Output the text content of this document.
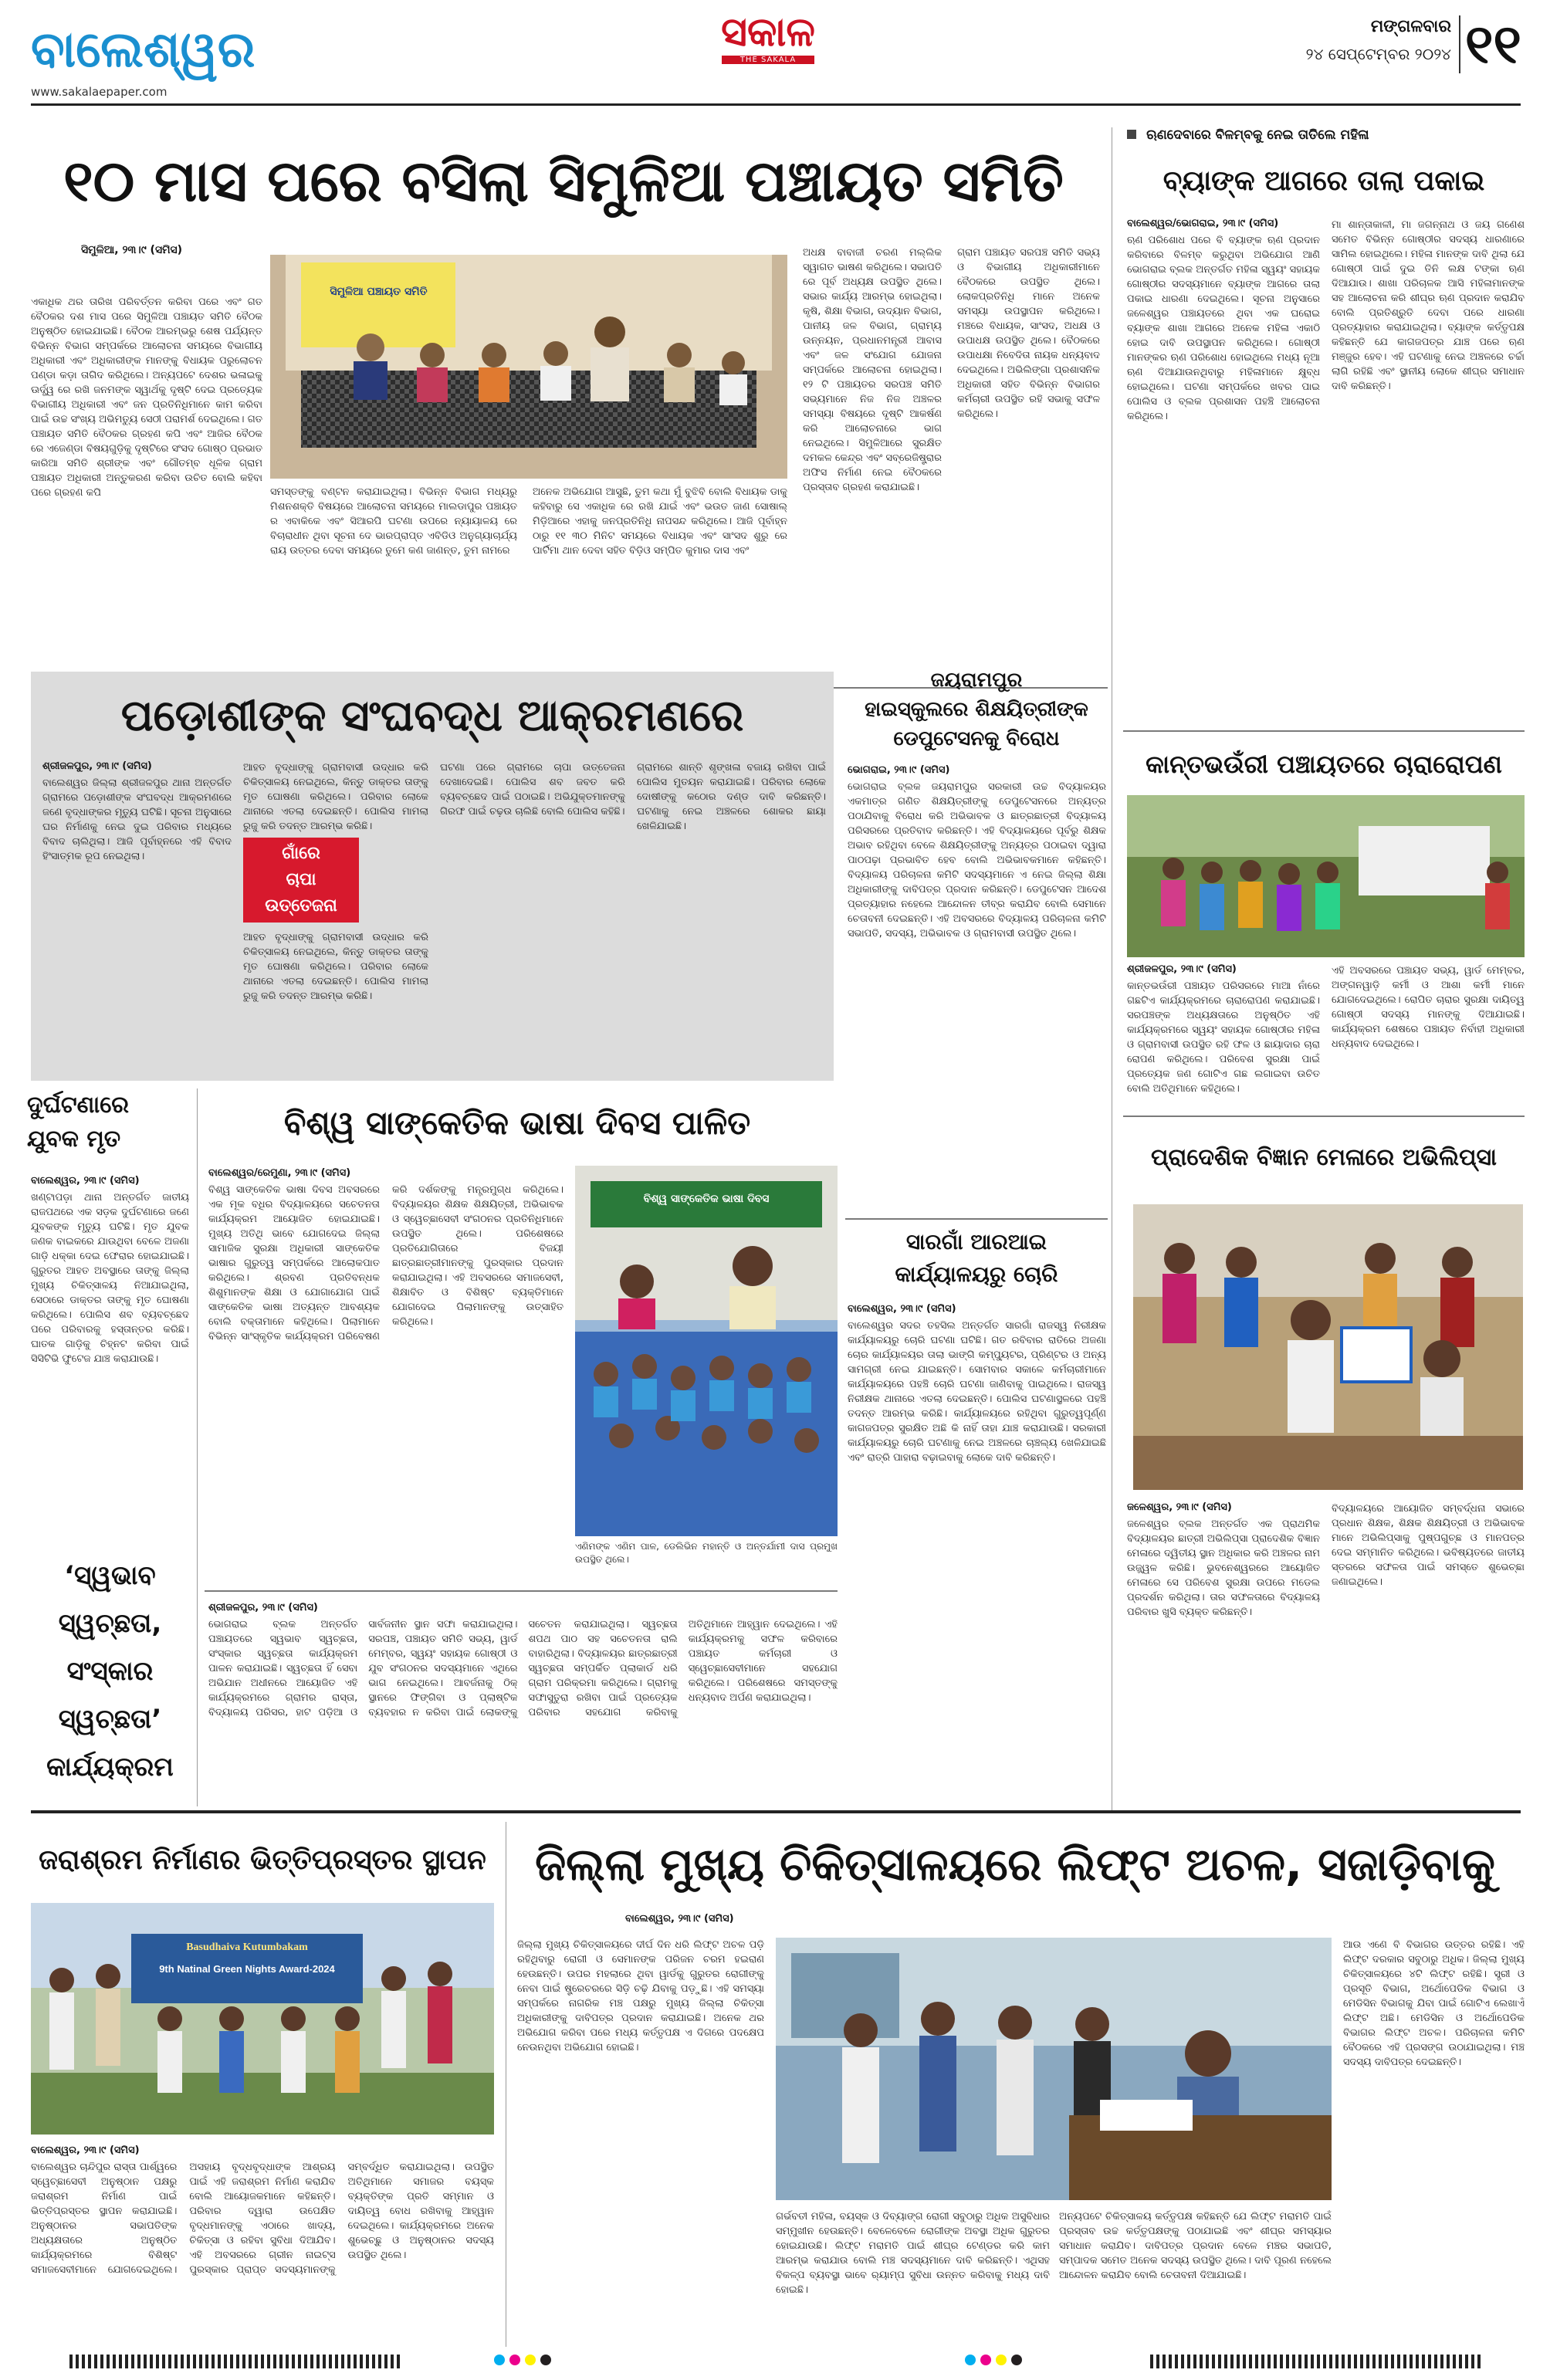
ବାଲେଶ୍ୱର
www.sakalaepaper.com
ସକାଳ
THE SAKALA
ମଙ୍ଗଳବାର
୨୪ ସେପ୍ଟେମ୍ବର ୨୦୨୪ ୧୧
୧୦ ମାସ ପରେ ବସିଲା ସିମୁଳିଆ ପଞ୍ଚାୟତ ସମିତି
ସିମୁଳିଆ, ୨୩।୯ (ସମିସ)
ଏକାଧିକ ଥର ତାରିଖ ପରିବର୍ତ୍ତନ କରିବା ପରେ ଏବଂ ଗତ ବୈଠକର ଦଶ ମାସ ପରେ ସିମୁଳିଆ ପଞ୍ଚାୟତ ସମିତି ବୈଠକ ଅନୁଷ୍ଠିତ ହୋଇଯାଇଛି। ବୈଠକ ଆରମ୍ଭରୁ ଶେଷ ପର୍ଯ୍ୟନ୍ତ ବିଭିନ୍ନ ବିଭାଗ ସମ୍ପର୍କରେ ଆଲୋଚନା ସମୟରେ ବିଭାଗୀୟ ଅଧିକାରୀ ଏବଂ ଅଧିକାରୀଙ୍କ ମାନଙ୍କୁ ବିଧାୟକ ପରୁଲୋଚନ ପଣ୍ଡା କଡ଼ା ତାଗିଦ କରିଥିଲେ। ଅନ୍ୟପଟେ ଦେଶର ଭଳାଇକୁ ଊର୍ଦ୍ଧ୍ୱ ରେ ରଖି ଜନମଙ୍କ ସ୍ୱାର୍ଥକୁ ଦୃଷ୍ଟି ଦେଇ ପ୍ରତ୍ୟେକ ବିଭାଗୀୟ ଅଧିକାରୀ ଏବଂ ଜନ ପ୍ରତିନିଧିମାନେ କାମ କରିବା ପାଇଁ ଉଚ୍ଚ ସଂଖ୍ୟ ଅଭିମତ୍ୟୁ ସେଠୀ ପରାମର୍ଶ ଦେଇଥିଲେ। ଗତ ପଞ୍ଚାୟତ ସମିତି ବୈଠକର ଗ୍ରହଣ କପି ଏବଂ ଆଜିର ବୈଠକ ରେ ଏଜେଣ୍ଡା ବିଷୟଗୁଡ଼ିକୁ ଦୃଷ୍ଟିରେ ସଂସଦ ଗୋଷ୍ଠ ପ୍ରଭାତ କାରିଆ ସମିତି ଶ୍ରୀଙ୍କ ଏବଂ ଗୌତମ୍ବ ଧୂଳିକ ଗ୍ରାମ ପଞ୍ଚାୟତ ଅଧିକାରୀ ଅନ୍ତୁକରଣ କରିବା ଉଚିତ ବୋଲି କହିବା ପରେ ଗ୍ରହଣ କପି
ସିମୁଳିଆ ପଞ୍ଚାୟତ ସମିତି
ସମସ୍ତଙ୍କୁ ବଣ୍ଟନ କରାଯାଇଥିଲା। ବିଭିନ୍ନ ବିଭାଗ ମଧ୍ୟରୁ ମିଶନଶକ୍ତି ବିଷୟରେ ଆଲୋଚନା ସମୟରେ ମାଲଡାପୁର ପଞ୍ଚାୟତ ର ଏବାକିକେ ଏବଂ ସିଆରପି ଘଟଣା ଉପରେ ନ୍ୟାୟାଳୟ ରେ ବିଚାରାଧୀନ ଥିବା ସୂଚନା ଦେ ଭାରପ୍ରାପ୍ତ ଏବିଡିଓ ଅନୁଗ୍ୟାଚାର୍ଯ୍ୟ ରାୟ ଉତ୍ତର ଦେବା ସମୟରେ ତୁମେ କଣ ଜାଣନ୍ତ, ତୁମ ନାମରେ
ଅନେକ ଅଭିଯୋଗ ଆସୁଛି, ତୁମ କଥା ମୁଁ ବୁଝିବି ବୋଲି ବିଧାୟକ ଡାକୁ କହିବାରୁ ସେ ଏକାଧିକ ରେ ରଖି ଯାଇଁ ଏବଂ ଭଉତ ଜାଣ ସୋଷାଲ୍‌ ମିଡ଼ିଆରେ ଏହାକୁ ଜନପ୍ରତିନିଧି ନାପସନ୍ଦ କରିଥିଲେ। ଆଜି ପୂର୍ବାହ୍ନ ଠାରୁ ୧୧ ୩୦ ମିନିଟ ସମୟରେ ବିଧାୟକ ଏବଂ ସାଂସଦ ଶୁରୁ ରେ ପାର୍ଟିମା ଥାନ ଦେବା ସହିତ ବିଡ଼ିଓ ସମ୍ପିତ କୁମାର ଦାସ ଏବଂ
ଅଧକ୍ଷ ବାବାଜୀ ଚରଣ ମଲ୍ଲିକ ସ୍ୱାଗତ ଭାଷଣ କରିଥିଲେ। ସଭାପତି ରେ ପୂର୍ବ ଅଧ୍ୟକ୍ଷ ଉପସ୍ଥିତ ଥିଲେ। ସଭାର କାର୍ଯ୍ୟ ଆରମ୍ଭ ହୋଇଥିଲା। କୃଷି, ଶିକ୍ଷା ବିଭାଗ, ଉଦ୍ୟାନ ବିଭାଗ, ପାନୀୟ ଜଳ ବିଭାଗ, ଗ୍ରାମ୍ୟ ଉନ୍ନୟନ, ପ୍ରଧାନମନ୍ତ୍ରୀ ଆବାସ ଏବଂ ଜଳ ସଂଯୋଗ ଯୋଜନା ସମ୍ପର୍କରେ ଆଲୋଚନା ହୋଇଥିଲା। ୧୨ ଟି ପଞ୍ଚାୟତର ସରପଞ୍ଚ ସମିତି ସଭ୍ୟମାନେ ନିଜ ନିଜ ଅଞ୍ଚଳର ସମସ୍ୟା ବିଷୟରେ ଦୃଷ୍ଟି ଆକର୍ଷଣ କରି ଆଲୋଚନାରେ ଭାଗ ନେଇଥିଲେ। ସିମୁଳିଆରେ ସୁରକ୍ଷିତ ଦମକଳ କେନ୍ଦ୍ର ଏବଂ ସବ୍‌ରେଜିଷ୍ଟ୍ରାର ଅଫିସ ନିର୍ମାଣ ନେଇ ବୈଠକରେ ପ୍ରସ୍ତାବ ଗ୍ରହଣ କରାଯାଇଛି।
ଗ୍ରାମ ପଞ୍ଚାୟତ ସରପଞ୍ଚ ସମିତି ସଭ୍ୟ ଓ ବିଭାଗୀୟ ଅଧିକାରୀମାନେ ବୈଠକରେ ଉପସ୍ଥିତ ଥିଲେ। ଲୋକପ୍ରତିନିଧି ମାନେ ଅନେକ ସମସ୍ୟା ଉପସ୍ଥାପନ କରିଥିଲେ। ମଞ୍ଚରେ ବିଧାୟକ, ସାଂସଦ, ଅଧକ୍ଷ ଓ ଉପାଧକ୍ଷ ଉପସ୍ଥିତ ଥିଲେ। ବୈଠକରେ ଉପାଧକ୍ଷା ନିବେଦିତା ନାୟକ ଧନ୍ୟବାଦ ଦେଇଥିଲେ। ଅଭିଲିଙ୍ଗା ପ୍ରଶାସନିକ ଅଧିକାରୀ ସହିତ ବିଭିନ୍ନ ବିଭାଗର କର୍ମଚାରୀ ଉପସ୍ଥିତ ରହି ସଭାକୁ ସଫଳ କରିଥିଲେ।
ଋଣଦେବାରେ ବିଳମ୍ବକୁ ନେଇ ତାତିଲେ ମହିଳା
ବ୍ୟାଙ୍କ ଆଗରେ ତାଲା ପକାଇ
ବାଲେଶ୍ୱର/ଭୋଗରାଇ, ୨୩।୯ (ସମିସ)
ଋଣ ପରିଶୋଧ ପରେ ବି ବ୍ୟାଙ୍କ ଋଣ ପ୍ରଦାନ କରିବାରେ ବିଳମ୍ବ କରୁଥିବା ଅଭିଯୋଗ ଆଣି ଭୋଗରାଇ ବ୍ଲକ ଅନ୍ତର୍ଗତ ମହିଳା ସ୍ୱୟଂ ସହାୟକ ଗୋଷ୍ଠୀର ସଦସ୍ୟମାନେ ବ୍ୟାଙ୍କ ଆଗରେ ତାଲା ପକାଇ ଧାରଣା ଦେଇଥିଲେ। ସୂଚନା ଅନୁସାରେ ଜଳେଶ୍ୱର ପଞ୍ଚାୟତରେ ଥିବା ଏକ ଘରୋଇ ବ୍ୟାଙ୍କ ଶାଖା ଆଗରେ ଅନେକ ମହିଳା ଏକାଠି ହୋଇ ଦାବି ଉପସ୍ଥାପନ କରିଥିଲେ। ଗୋଷ୍ଠୀ ମାନଙ୍କର ଋଣ ପରିଶୋଧ ହୋଇଥିଲେ ମଧ୍ୟ ନୂଆ ଋଣ ଦିଆଯାଉନଥିବାରୁ ମହିଳାମାନେ କ୍ଷୁବ୍ଧ ହୋଇଥିଲେ। ଘଟଣା ସମ୍ପର୍କରେ ଖବର ପାଇ ପୋଲିସ ଓ ବ୍ଲକ ପ୍ରଶାସନ ପହଞ୍ଚି ଆଲୋଚନା କରିଥିଲେ।
ମା ଶାନ୍ତାକାଳୀ, ମା ଜଗନ୍ନାଥ ଓ ଜୟ ଗଣେଶ ସମେତ ବିଭିନ୍ନ ଗୋଷ୍ଠୀର ସଦସ୍ୟ ଧାରଣାରେ ସାମିଲ ହୋଇଥିଲେ। ମହିଳା ମାନଙ୍କ ଦାବି ଥିଲା ଯେ ଗୋଷ୍ଠୀ ପାଇଁ ଦୁଇ ତିନି ଲକ୍ଷ ଟଙ୍କା ଋଣ ଦିଆଯାଉ। ଶାଖା ପରିଚାଳକ ଆସି ମହିଳାମାନଙ୍କ ସହ ଆଲୋଚନା କରି ଶୀଘ୍ର ଋଣ ପ୍ରଦାନ କରାଯିବ ବୋଲି ପ୍ରତିଶ୍ରୁତି ଦେବା ପରେ ଧାରଣା ପ୍ରତ୍ୟାହାର କରାଯାଇଥିଲା। ବ୍ୟାଙ୍କ କର୍ତ୍ତୃପକ୍ଷ କହିଛନ୍ତି ଯେ କାଗଜପତ୍ର ଯାଞ୍ଚ ପରେ ଋଣ ମଞ୍ଜୁର ହେବ। ଏହି ଘଟଣାକୁ ନେଇ ଅଞ୍ଚଳରେ ଚର୍ଚ୍ଚା ଲାଗି ରହିଛି ଏବଂ ସ୍ଥାନୀୟ ଲୋକେ ଶୀଘ୍ର ସମାଧାନ ଦାବି କରିଛନ୍ତି।
ପଡ଼ୋଶୀଙ୍କ ସଂଘବଦ୍ଧ ଆକ୍ରମଣରେ
ଶ୍ରୀଜଳପୁର, ୨୩।୯ (ସମିସ)
ବାଲେଶ୍ୱର ଜିଲ୍ଲା ଶ୍ରୀଜଳପୁର ଥାନା ଅନ୍ତର୍ଗତ ଗ୍ରାମରେ ପଡ଼ୋଶୀଙ୍କ ସଂଘବଦ୍ଧ ଆକ୍ରମଣରେ ଜଣେ ବୃଦ୍ଧାଙ୍କର ମୃତ୍ୟୁ ଘଟିଛି। ସୂଚନା ଅନୁସାରେ ଘର ନିର୍ମାଣକୁ ନେଇ ଦୁଇ ପରିବାର ମଧ୍ୟରେ ବିବାଦ ଚାଲିଥିଲା। ଆଜି ପୂର୍ବାହ୍ନରେ ଏହି ବିବାଦ ହିଂସାତ୍ମକ ରୂପ ନେଇଥିଲା।	ଗାଁରେ
ଚାପା
ଉତ୍ତେଜନା
ଆହତ ବୃଦ୍ଧାଙ୍କୁ ଗ୍ରାମବାସୀ ଉଦ୍ଧାର କରି ଚିକିତ୍ସାଳୟ ନେଇଥିଲେ, କିନ୍ତୁ ଡାକ୍ତର ତାଙ୍କୁ ମୃତ ଘୋଷଣା କରିଥିଲେ। ପରିବାର ଲୋକେ ଥାନାରେ ଏତଲା ଦେଇଛନ୍ତି। ପୋଲିସ ମାମଲା ରୁଜୁ କରି ତଦନ୍ତ ଆରମ୍ଭ କରିଛି।
ଆହତ ବୃଦ୍ଧାଙ୍କୁ ଗ୍ରାମବାସୀ ଉଦ୍ଧାର କରି ଚିକିତ୍ସାଳୟ ନେଇଥିଲେ, କିନ୍ତୁ ଡାକ୍ତର ତାଙ୍କୁ ମୃତ ଘୋଷଣା କରିଥିଲେ। ପରିବାର ଲୋକେ ଥାନାରେ ଏତଲା ଦେଇଛନ୍ତି। ପୋଲିସ ମାମଲା ରୁଜୁ କରି ତଦନ୍ତ ଆରମ୍ଭ କରିଛି।
ଘଟଣା ପରେ ଗ୍ରାମରେ ଚାପା ଉତ୍ତେଜନା ଦେଖାଦେଇଛି। ପୋଲିସ ଶବ ଜବତ କରି ବ୍ୟବଚ୍ଛେଦ ପାଇଁ ପଠାଇଛି। ଅଭିଯୁକ୍ତମାନଙ୍କୁ ଗିରଫ ପାଇଁ ଚଢ଼ଉ ଚାଲିଛି ବୋଲି ପୋଲିସ କହିଛି।
ଗ୍ରାମରେ ଶାନ୍ତି ଶୃଙ୍ଖଳା ବଜାୟ ରଖିବା ପାଇଁ ପୋଲିସ ମୁତୟନ କରାଯାଇଛି। ପରିବାର ଲୋକେ ଦୋଷୀଙ୍କୁ କଠୋର ଦଣ୍ଡ ଦାବି କରିଛନ୍ତି। ଘଟଣାକୁ ନେଇ ଅଞ୍ଚଳରେ ଶୋକର ଛାୟା ଖେଳିଯାଇଛି।
ଜୟରାମପୁର
ହାଇସ୍କୁଲରେ ଶିକ୍ଷୟିତ୍ରୀଙ୍କ
ଡେପୁଟେସନକୁ ବିରୋଧ
ଭୋଗରାଇ, ୨୩।୯ (ସମିସ)
ଭୋଗରାଇ ବ୍ଲକ ଜୟରାମପୁର ସରକାରୀ ଉଚ୍ଚ ବିଦ୍ୟାଳୟର ଏକମାତ୍ର ଗଣିତ ଶିକ୍ଷୟିତ୍ରୀଙ୍କୁ ଡେପୁଟେସନରେ ଅନ୍ୟତ୍ର ପଠାଯିବାକୁ ବିରୋଧ କରି ଅଭିଭାବକ ଓ ଛାତ୍ରଛାତ୍ରୀ ବିଦ୍ୟାଳୟ ପରିସରରେ ପ୍ରତିବାଦ କରିଛନ୍ତି। ଏହି ବିଦ୍ୟାଳୟରେ ପୂର୍ବରୁ ଶିକ୍ଷକ ଅଭାବ ରହିଥିବା ବେଳେ ଶିକ୍ଷୟିତ୍ରୀଙ୍କୁ ଅନ୍ୟତ୍ର ପଠାଇବା ଦ୍ୱାରା ପାଠପଢ଼ା ପ୍ରଭାବିତ ହେବ ବୋଲି ଅଭିଭାବକମାନେ କହିଛନ୍ତି। ବିଦ୍ୟାଳୟ ପରିଚାଳନା କମିଟି ସଦସ୍ୟମାନେ ଏ ନେଇ ଜିଲ୍ଲା ଶିକ୍ଷା ଅଧିକାରୀଙ୍କୁ ଦାବିପତ୍ର ପ୍ରଦାନ କରିଛନ୍ତି। ଡେପୁଟେସନ ଆଦେଶ ପ୍ରତ୍ୟାହାର ନହେଲେ ଆନ୍ଦୋଳନ ତୀବ୍ର କରାଯିବ ବୋଲି ସେମାନେ ଚେତାବନୀ ଦେଇଛନ୍ତି। ଏହି ଅବସରରେ ବିଦ୍ୟାଳୟ ପରିଚାଳନା କମିଟି ସଭାପତି, ସଦସ୍ୟ, ଅଭିଭାବକ ଓ ଗ୍ରାମବାସୀ ଉପସ୍ଥିତ ଥିଲେ।
କାନ୍ତଭଉଁରୀ ପଞ୍ଚାୟତରେ ଚାରାରୋପଣ
ଶ୍ରୀଜଳପୁର, ୨୩।୯ (ସମିସ)
କାନ୍ତଭଉଁରୀ ପଞ୍ଚାୟତ ପରିସରରେ ମାଆ ନାଁରେ ଗଛଟିଏ କାର୍ଯ୍ୟକ୍ରମରେ ଚାରାରୋପଣ କରାଯାଇଛି। ସରପଞ୍ଚଙ୍କ ଅଧ୍ୟକ୍ଷତାରେ ଅନୁଷ୍ଠିତ ଏହି କାର୍ଯ୍ୟକ୍ରମରେ ସ୍ୱୟଂ ସହାୟକ ଗୋଷ୍ଠୀର ମହିଳା ଓ ଗ୍ରାମବାସୀ ଉପସ୍ଥିତ ରହି ଫଳ ଓ ଛାୟାଦାର ଚାରା ରୋପଣ କରିଥିଲେ। ପରିବେଶ ସୁରକ୍ଷା ପାଇଁ ପ୍ରତ୍ୟେକ ଜଣ ଗୋଟିଏ ଗଛ ଲଗାଇବା ଉଚିତ ବୋଲି ଅତିଥିମାନେ କହିଥିଲେ।
ଏହି ଅବସରରେ ପଞ୍ଚାୟତ ସଭ୍ୟ, ୱାର୍ଡ ମେମ୍ବର, ଅଙ୍ଗନୱାଡ଼ି କର୍ମୀ ଓ ଆଶା କର୍ମୀ ମାନେ ଯୋଗଦେଇଥିଲେ। ରୋପିତ ଚାରାର ସୁରକ୍ଷା ଦାୟିତ୍ୱ ଗୋଷ୍ଠୀ ସଦସ୍ୟ ମାନଙ୍କୁ ଦିଆଯାଇଛି। କାର୍ଯ୍ୟକ୍ରମ ଶେଷରେ ପଞ୍ଚାୟତ ନିର୍ବାହୀ ଅଧିକାରୀ ଧନ୍ୟବାଦ ଦେଇଥିଲେ।
ପ୍ରାଦେଶିକ ବିଜ୍ଞାନ ମେଳାରେ ଅଭିଲିପ୍ସା
ଜଳେଶ୍ୱର, ୨୩।୯ (ସମିସ)
ଜଳେଶ୍ୱର ବ୍ଲକ ଅନ୍ତର୍ଗତ ଏକ ପ୍ରାଥମିକ ବିଦ୍ୟାଳୟର ଛାତ୍ରୀ ଅଭିଲିପ୍ସା ପ୍ରାଦେଶିକ ବିଜ୍ଞାନ ମେଳାରେ ଦ୍ୱିତୀୟ ସ୍ଥାନ ଅଧିକାର କରି ଅଞ୍ଚଳର ନାମ ଉଜ୍ଜ୍ୱଳ କରିଛି। ଭୁବନେଶ୍ୱରରେ ଆୟୋଜିତ ମେଳାରେ ସେ ପରିବେଶ ସୁରକ୍ଷା ଉପରେ ମଡେଲ ପ୍ରଦର୍ଶନ କରିଥିଲା। ତାର ସଫଳତାରେ ବିଦ୍ୟାଳୟ ପରିବାର ଖୁସି ବ୍ୟକ୍ତ କରିଛନ୍ତି।
ବିଦ୍ୟାଳୟରେ ଆୟୋଜିତ ସମ୍ବର୍ଦ୍ଧନା ସଭାରେ ପ୍ରଧାନ ଶିକ୍ଷକ, ଶିକ୍ଷକ ଶିକ୍ଷୟିତ୍ରୀ ଓ ଅଭିଭାବକ ମାନେ ଅଭିଲିପ୍ସାକୁ ପୁଷ୍ପଗୁଚ୍ଛ ଓ ମାନପତ୍ର ଦେଇ ସମ୍ମାନିତ କରିଥିଲେ। ଭବିଷ୍ୟତରେ ଜାତୀୟ ସ୍ତରରେ ସଫଳତା ପାଇଁ ସମସ୍ତେ ଶୁଭେଚ୍ଛା ଜଣାଇଥିଲେ।
ଦୁର୍ଘଟଣାରେ
ଯୁବକ ମୃତ
ବାଲେଶ୍ୱର, ୨୩।୯ (ସମିସ)
ଖଣ୍ଟାପଡ଼ା ଥାନା ଅନ୍ତର୍ଗତ ଜାତୀୟ ରାଜପଥରେ ଏକ ସଡ଼କ ଦୁର୍ଘଟଣାରେ ଜଣେ ଯୁବକଙ୍କ ମୃତ୍ୟୁ ଘଟିଛି। ମୃତ ଯୁବକ ଜଣକ ବାଇକରେ ଯାଉଥିବା ବେଳେ ଅଜଣା ଗାଡ଼ି ଧକ୍କା ଦେଇ ଫେରାର ହୋଇଯାଇଛି। ଗୁରୁତର ଆହତ ଅବସ୍ଥାରେ ତାଙ୍କୁ ଜିଲ୍ଲା ମୁଖ୍ୟ ଚିକିତ୍ସାଳୟ ନିଆଯାଇଥିଲା, ସେଠାରେ ଡାକ୍ତର ତାଙ୍କୁ ମୃତ ଘୋଷଣା କରିଥିଲେ। ପୋଲିସ ଶବ ବ୍ୟବଚ୍ଛେଦ ପରେ ପରିବାରକୁ ହସ୍ତାନ୍ତର କରିଛି। ଘାତକ ଗାଡ଼ିକୁ ଚିହ୍ନଟ କରିବା ପାଇଁ ସିସିଟିଭି ଫୁଟେଜ ଯାଞ୍ଚ କରାଯାଉଛି।
ବିଶ୍ୱ ସାଙ୍କେତିକ ଭାଷା ଦିବସ ପାଳିତ
ବାଲେଶ୍ୱର/ରେମୁଣା, ୨୩।୯ (ସମିସ)
ବିଶ୍ୱ ସାଙ୍କେତିକ ଭାଷା ଦିବସ ଅବସରରେ ଏକ ମୂକ ବଧିର ବିଦ୍ୟାଳୟରେ ସଚେତନତା କାର୍ଯ୍ୟକ୍ରମ ଆୟୋଜିତ ହୋଇଯାଇଛି। ମୁଖ୍ୟ ଅତିଥି ଭାବେ ଯୋଗଦେଇ ଜିଲ୍ଲା ସାମାଜିକ ସୁରକ୍ଷା ଅଧିକାରୀ ସାଙ୍କେତିକ ଭାଷାର ଗୁରୁତ୍ୱ ସମ୍ପର୍କରେ ଆଲୋକପାତ କରିଥିଲେ। ଶ୍ରବଣ ପ୍ରତିବନ୍ଧକ ଶିଶୁମାନଙ୍କ ଶିକ୍ଷା ଓ ଯୋଗାଯୋଗ ପାଇଁ ସାଙ୍କେତିକ ଭାଷା ଅତ୍ୟନ୍ତ ଆବଶ୍ୟକ ବୋଲି ବକ୍ତାମାନେ କହିଥିଲେ। ପିଲାମାନେ ବିଭିନ୍ନ ସାଂସ୍କୃତିକ କାର୍ଯ୍ୟକ୍ରମ ପରିବେଷଣ କରି ଦର୍ଶକଙ୍କୁ ମନ୍ତ୍ରମୁଗ୍ଧ କରିଥିଲେ। ବିଦ୍ୟାଳୟର ଶିକ୍ଷକ ଶିକ୍ଷୟିତ୍ରୀ, ଅଭିଭାବକ ଓ ସ୍ୱେଚ୍ଛାସେବୀ ସଂଗଠନର ପ୍ରତିନିଧିମାନେ ଉପସ୍ଥିତ ଥିଲେ। ପରିଶେଷରେ ପ୍ରତିଯୋଗିତାରେ ବିଜୟୀ ଛାତ୍ରଛାତ୍ରୀମାନଙ୍କୁ ପୁରସ୍କାର ପ୍ରଦାନ କରାଯାଇଥିଲା। ଏହି ଅବସରରେ ସମାଜସେବୀ, ଶିକ୍ଷାବିତ ଓ ବିଶିଷ୍ଟ ବ୍ୟକ୍ତିମାନେ ଯୋଗଦେଇ ପିଲାମାନଙ୍କୁ ଉତ୍ସାହିତ କରିଥିଲେ।
ବିଶ୍ୱ ସାଙ୍କେତିକ ଭାଷା ଦିବସ
ଏଣିମଙ୍କ ଏଣିମ ପାଳ, ଡେଲିଭିନ ମହାନ୍ତି ଓ ଅନ୍ତର୍ଯାମୀ ଦାସ ପ୍ରମୁଖ ଉପସ୍ଥିତ ଥିଲେ।
‘ସ୍ୱଭାବ
ସ୍ୱଚ୍ଛତା,
ସଂସ୍କାର
ସ୍ୱଚ୍ଛତା’
କାର୍ଯ୍ୟକ୍ରମ
ଶ୍ରୀଜଳପୁର, ୨୩।୯ (ସମିସ)
ଭୋଗରାଇ ବ୍ଲକ ଅନ୍ତର୍ଗତ ପଞ୍ଚାୟତରେ ସ୍ୱଭାବ ସ୍ୱଚ୍ଛତା, ସଂସ୍କାର ସ୍ୱଚ୍ଛତା କାର୍ଯ୍ୟକ୍ରମ ପାଳନ କରାଯାଇଛି। ସ୍ୱଚ୍ଛତା ହିଁ ସେବା ଅଭିଯାନ ଅଧୀନରେ ଆୟୋଜିତ ଏହି କାର୍ଯ୍ୟକ୍ରମରେ ଗ୍ରାମର ରାସ୍ତା, ବିଦ୍ୟାଳୟ ପରିସର, ହାଟ ପଡ଼ିଆ ଓ ସାର୍ବଜନୀନ ସ୍ଥାନ ସଫା କରାଯାଇଥିଲା। ସରପଞ୍ଚ, ପଞ୍ଚାୟତ ସମିତି ସଭ୍ୟ, ୱାର୍ଡ ମେମ୍ବର, ସ୍ୱୟଂ ସହାୟକ ଗୋଷ୍ଠୀ ଓ ଯୁବ ସଂଗଠନର ସଦସ୍ୟମାନେ ଏଥିରେ ଭାଗ ନେଇଥିଲେ। ଆବର୍ଜନାକୁ ଠିକ୍ ସ୍ଥାନରେ ଫିଙ୍ଗିବା ଓ ପ୍ଲାଷ୍ଟିକ ବ୍ୟବହାର ନ କରିବା ପାଇଁ ଲୋକଙ୍କୁ ସଚେତନ କରାଯାଇଥିଲା। ସ୍ୱଚ୍ଛତା ଶପଥ ପାଠ ସହ ସଚେତନତା ରାଲି ବାହାରିଥିଲା। ବିଦ୍ୟାଳୟର ଛାତ୍ରଛାତ୍ରୀ ସ୍ୱଚ୍ଛତା ସମ୍ପର୍କିତ ପ୍ଲାକାର୍ଡ ଧରି ଗ୍ରାମ ପରିକ୍ରମା କରିଥିଲେ। ଗ୍ରାମକୁ ସଫାସୁତୁରା ରଖିବା ପାଇଁ ପ୍ରତ୍ୟେକ ପରିବାର ସହଯୋଗ କରିବାକୁ ଅତିଥିମାନେ ଆହ୍ୱାନ ଦେଇଥିଲେ। ଏହି କାର୍ଯ୍ୟକ୍ରମକୁ ସଫଳ କରିବାରେ ପଞ୍ଚାୟତ କର୍ମଚାରୀ ଓ ସ୍ୱେଚ୍ଛାସେବୀମାନେ ସହଯୋଗ କରିଥିଲେ। ପରିଶେଷରେ ସମସ୍ତଙ୍କୁ ଧନ୍ୟବାଦ ଅର୍ପଣ କରାଯାଇଥିଲା।
ସାରଗାଁ ଆରଆଇ
କାର୍ଯ୍ୟାଳୟରୁ ଚୋରି
ବାଲେଶ୍ୱର, ୨୩।୯ (ସମିସ)
ବାଲେଶ୍ୱର ସଦର ତହସିଲ ଅନ୍ତର୍ଗତ ସାରଗାଁ ରାଜସ୍ୱ ନିରୀକ୍ଷକ କାର୍ଯ୍ୟାଳୟରୁ ଚୋରି ଘଟଣା ଘଟିଛି। ଗତ ରବିବାର ରାତିରେ ଅଜଣା ଚୋର କାର୍ଯ୍ୟାଳୟର ତାଲା ଭାଙ୍ଗି କମ୍ପ୍ୟୁଟର, ପ୍ରିଣ୍ଟର ଓ ଅନ୍ୟ ସାମଗ୍ରୀ ନେଇ ଯାଇଛନ୍ତି। ସୋମବାର ସକାଳେ କର୍ମଚାରୀମାନେ କାର୍ଯ୍ୟାଳୟରେ ପହଞ୍ଚି ଚୋରି ଘଟଣା ଜାଣିବାକୁ ପାଇଥିଲେ। ରାଜସ୍ୱ ନିରୀକ୍ଷକ ଥାନାରେ ଏତଲା ଦେଇଛନ୍ତି। ପୋଲିସ ଘଟଣାସ୍ଥଳରେ ପହଞ୍ଚି ତଦନ୍ତ ଆରମ୍ଭ କରିଛି। କାର୍ଯ୍ୟାଳୟରେ ରହିଥିବା ଗୁରୁତ୍ୱପୂର୍ଣ୍ଣ କାଗଜପତ୍ର ସୁରକ୍ଷିତ ଅଛି କି ନାହିଁ ତାହା ଯାଞ୍ଚ କରାଯାଉଛି। ସରକାରୀ କାର୍ଯ୍ୟାଳୟରୁ ଚୋରି ଘଟଣାକୁ ନେଇ ଅଞ୍ଚଳରେ ଚାଞ୍ଚଲ୍ୟ ଖେଳିଯାଇଛି ଏବଂ ରାତ୍ରି ପାହାରା ବଢ଼ାଇବାକୁ ଲୋକେ ଦାବି କରିଛନ୍ତି।
ଜରାଶ୍ରମ ନିର୍ମାଣର ଭିତ୍ତିପ୍ରସ୍ତର ସ୍ଥାପନ
Basudhaiva Kutumbakam
9th Natinal Green Nights Award-2024
ବାଲେଶ୍ୱର, ୨୩।୯ (ସମିସ)
ବାଲେଶ୍ୱର ଚାନ୍ଦିପୁର ରାସ୍ତା ପାର୍ଶ୍ୱରେ ସ୍ୱେଚ୍ଛାସେବୀ ଅନୁଷ୍ଠାନ ପକ୍ଷରୁ ଜରାଶ୍ରମ ନିର୍ମାଣ ପାଇଁ ଭିତ୍ତିପ୍ରସ୍ତର ସ୍ଥାପନ କରାଯାଇଛି। ଅନୁଷ୍ଠାନର ସଭାପତିଙ୍କ ଅଧ୍ୟକ୍ଷତାରେ ଅନୁଷ୍ଠିତ କାର୍ଯ୍ୟକ୍ରମରେ ବିଶିଷ୍ଟ ସମାଜସେବୀମାନେ ଯୋଗଦେଇଥିଲେ। ଅସହାୟ ବୃଦ୍ଧବୃଦ୍ଧାଙ୍କ ଆଶ୍ରୟ ପାଇଁ ଏହି ଜରାଶ୍ରମ ନିର୍ମାଣ କରାଯିବ ବୋଲି ଆୟୋଜକମାନେ କହିଛନ୍ତି। ପରିବାର ଦ୍ୱାରା ଉପେକ୍ଷିତ ବୃଦ୍ଧମାନଙ୍କୁ ଏଠାରେ ଖାଦ୍ୟ, ଚିକିତ୍ସା ଓ ରହିବା ସୁବିଧା ଦିଆଯିବ। ଏହି ଅବସରରେ ଗ୍ରୀନ ନାଇଟ୍‌ସ ପୁରସ୍କାର ପ୍ରାପ୍ତ ସଦସ୍ୟମାନଙ୍କୁ ସମ୍ବର୍ଦ୍ଧିତ କରାଯାଇଥିଲା। ଉପସ୍ଥିତ ଅତିଥିମାନେ ସମାଜର ବୟସ୍କ ବ୍ୟକ୍ତିଙ୍କ ପ୍ରତି ସମ୍ମାନ ଓ ଦାୟିତ୍ୱ ବୋଧ ରଖିବାକୁ ଆହ୍ୱାନ ଦେଇଥିଲେ। କାର୍ଯ୍ୟକ୍ରମରେ ଅନେକ ଶୁଭେଚ୍ଛୁ ଓ ଅନୁଷ୍ଠାନର ସଦସ୍ୟ ଉପସ୍ଥିତ ଥିଲେ।
ଜିଲ୍ଲା ମୁଖ୍ୟ ଚିକିତ୍ସାଳୟରେ ଲିଫ୍ଟ ଅଚଳ, ସଜାଡ଼ିବାକୁ
ବାଲେଶ୍ୱର, ୨୩।୯ (ସମିସ)
ଜିଲ୍ଲା ମୁଖ୍ୟ ଚିକିତ୍ସାଳୟରେ ଦୀର୍ଘ ଦିନ ଧରି ଲିଫ୍ଟ ଅଚଳ ପଡ଼ି ରହିଥିବାରୁ ରୋଗୀ ଓ ସେମାନଙ୍କ ପରିଜନ ଚରମ ହଇରାଣ ହେଉଛନ୍ତି। ଉପର ମହଲାରେ ଥିବା ୱାର୍ଡକୁ ଗୁରୁତର ରୋଗୀଙ୍କୁ ନେବା ପାଇଁ ଷ୍ଟ୍ରେଚରରେ ସିଡ଼ି ଚଢ଼ି ଯିବାକୁ ପଡ଼ୁଛି। ଏହି ସମସ୍ୟା ସମ୍ପର୍କରେ ନାଗରିକ ମଞ୍ଚ ପକ୍ଷରୁ ମୁଖ୍ୟ ଜିଲ୍ଲା ଚିକିତ୍ସା ଅଧିକାରୀଙ୍କୁ ଦାବିପତ୍ର ପ୍ରଦାନ କରାଯାଇଛି। ଅନେକ ଥର ଅଭିଯୋଗ କରିବା ପରେ ମଧ୍ୟ କର୍ତ୍ତୃପକ୍ଷ ଏ ଦିଗରେ ପଦକ୍ଷେପ ନେଉନଥିବା ଅଭିଯୋଗ ହୋଇଛି।
ଗର୍ଭବତୀ ମହିଳା, ବୟସ୍କ ଓ ଦିବ୍ୟାଙ୍ଗ ରୋଗୀ ସବୁଠାରୁ ଅଧିକ ଅସୁବିଧାର ସମ୍ମୁଖୀନ ହେଉଛନ୍ତି। ବେଳେବେଳେ ରୋଗୀଙ୍କ ଅବସ୍ଥା ଅଧିକ ଗୁରୁତର ହୋଇଯାଉଛି। ଲିଫ୍ଟ ମରାମତି ପାଇଁ ଶୀଘ୍ର ଟେଣ୍ଡର କରି କାମ ଆରମ୍ଭ କରାଯାଉ ବୋଲି ମଞ୍ଚ ସଦସ୍ୟମାନେ ଦାବି କରିଛନ୍ତି। ଏଥିସହ ବିକଳ୍ପ ବ୍ୟବସ୍ଥା ଭାବେ ର‌୍ୟାମ୍ପ ସୁବିଧା ଉନ୍ନତ କରିବାକୁ ମଧ୍ୟ ଦାବି ହୋଇଛି।
ଅନ୍ୟପଟେ ଚିକିତ୍ସାଳୟ କର୍ତ୍ତୃପକ୍ଷ କହିଛନ୍ତି ଯେ ଲିଫ୍ଟ ମରାମତି ପାଇଁ ପ୍ରସ୍ତାବ ଉଚ୍ଚ କର୍ତ୍ତୃପକ୍ଷଙ୍କୁ ପଠାଯାଇଛି ଏବଂ ଶୀଘ୍ର ସମସ୍ୟାର ସମାଧାନ କରାଯିବ। ଦାବିପତ୍ର ପ୍ରଦାନ ବେଳେ ମଞ୍ଚର ସଭାପତି, ସମ୍ପାଦକ ସମେତ ଅନେକ ସଦସ୍ୟ ଉପସ୍ଥିତ ଥିଲେ। ଦାବି ପୂରଣ ନହେଲେ ଆନ୍ଦୋଳନ କରାଯିବ ବୋଲି ଚେତାବନୀ ଦିଆଯାଇଛି।
ଆଉ ଏଣେ ବି ବିଭାଗର ଉତ୍ତର ରହିଛି। ଏହି ଲିଫ୍ଟ ଦରକାର ସବୁଠାରୁ ଅଧିକ। ଜିଲ୍ଲା ମୁଖ୍ୟ ଚିକିତ୍ସାଳୟରେ ୪ଟି ଲିଫ୍ଟ ରହିଛି। ସ୍ତ୍ରୀ ଓ ପ୍ରସୂତି ବିଭାଗ, ଅର୍ଥୋପେଡିକ ବିଭାଗ ଓ ମେଡିସିନ ବିଭାଗକୁ ଯିବା ପାଇଁ ଗୋଟିଏ ଲେଖାଏଁ ଲିଫ୍ଟ ଅଛି। ମେଡିସିନ ଓ ଅର୍ଥୋପେଡିକ ବିଭାଗର ଲିଫ୍ଟ ଅଚଳ। ପରିଚାଳନା କମିଟି ବୈଠକରେ ଏହି ପ୍ରସଙ୍ଗ ଉଠାଯାଇଥିଲା। ମଞ୍ଚ ସଦସ୍ୟ ଦାବିପତ୍ର ଦେଇଛନ୍ତି।
